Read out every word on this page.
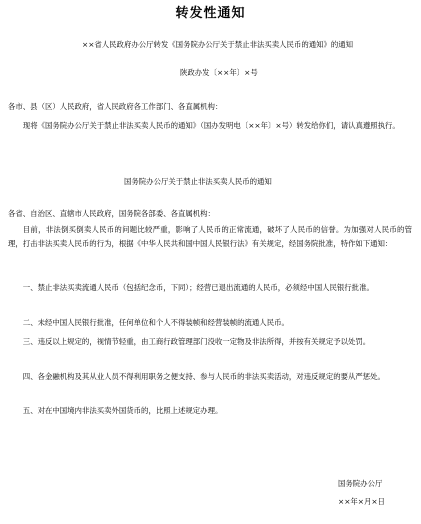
转发性通知
××省人民政府办公厅转发《国务院办公厅关于禁止非法买卖人民币的通知》的通知
陕政办发〔××年〕×号
各市、县（区）人民政府，省人民政府各工作部门、各直属机构：
现将《国务院办公厅关于禁止非法买卖人民币的通知》（国办发明电〔××年〕×号）转发给你们，请认真遵照执行。
国务院办公厅关于禁止非法买卖人民币的通知
各省、自治区、直辖市人民政府，国务院各部委、各直属机构：
目前，非法倒买倒卖人民币的问题比较严重，影响了人民币的正常流通，破坏了人民币的信誉。为加强对人民币的管理，打击非法买卖人民币的行为，根据《中华人民共和国中国人民银行法》有关规定，经国务院批准，特作如下通知：
一、禁止非法买卖流通人民币（包括纪念币，下同）；经营已退出流通的人民币，必须经中国人民银行批准。
二、未经中国人民银行批准，任何单位和个人不得装帧和经营装帧的流通人民币。
三、违反以上规定的，视情节轻重，由工商行政管理部门没收一定物及非法所得，并按有关规定予以处罚。
四、各金融机构及其从业人员不得利用职务之便支持、参与人民币的非法买卖活动，对违反规定的要从严惩处。
五、对在中国境内非法买卖外国货币的，比照上述规定办理。
国务院办公厅
××年×月×日
